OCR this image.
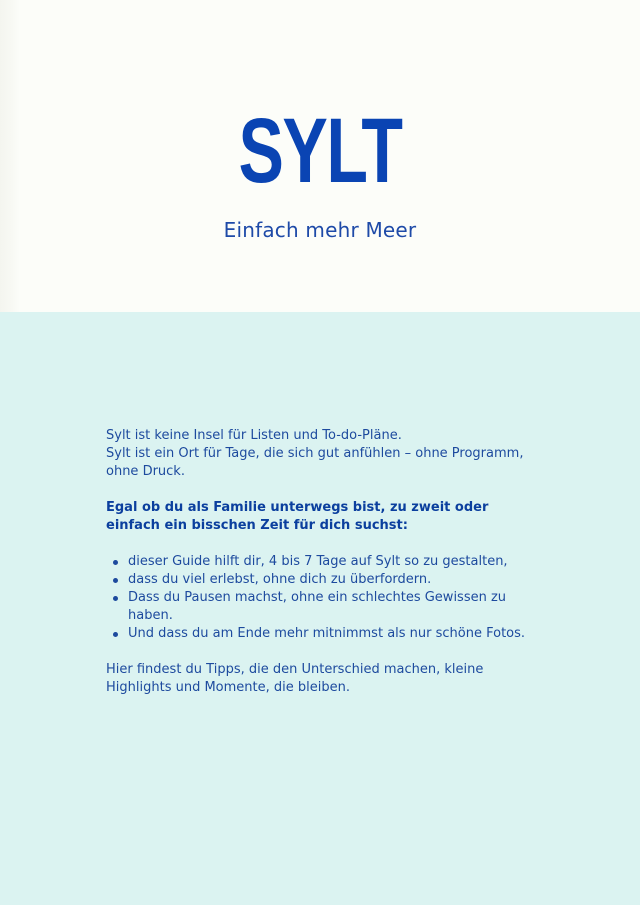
SYLT
Einfach mehr Meer

Sylt ist keine Insel für Listen und To-do-Pläne.
Sylt ist ein Ort für Tage, die sich gut anfühlen – ohne Programm, ohne Druck.

Egal ob du als Familie unterwegs bist, zu zweit oder einfach ein bisschen Zeit für dich suchst:

dieser Guide hilft dir, 4 bis 7 Tage auf Sylt so zu gestalten,
dass du viel erlebst, ohne dich zu überfordern.
Dass du Pausen machst, ohne ein schlechtes Gewissen zu haben.
Und dass du am Ende mehr mitnimmst als nur schöne Fotos.

Hier findest du Tipps, die den Unterschied machen, kleine Highlights und Momente, die bleiben.
